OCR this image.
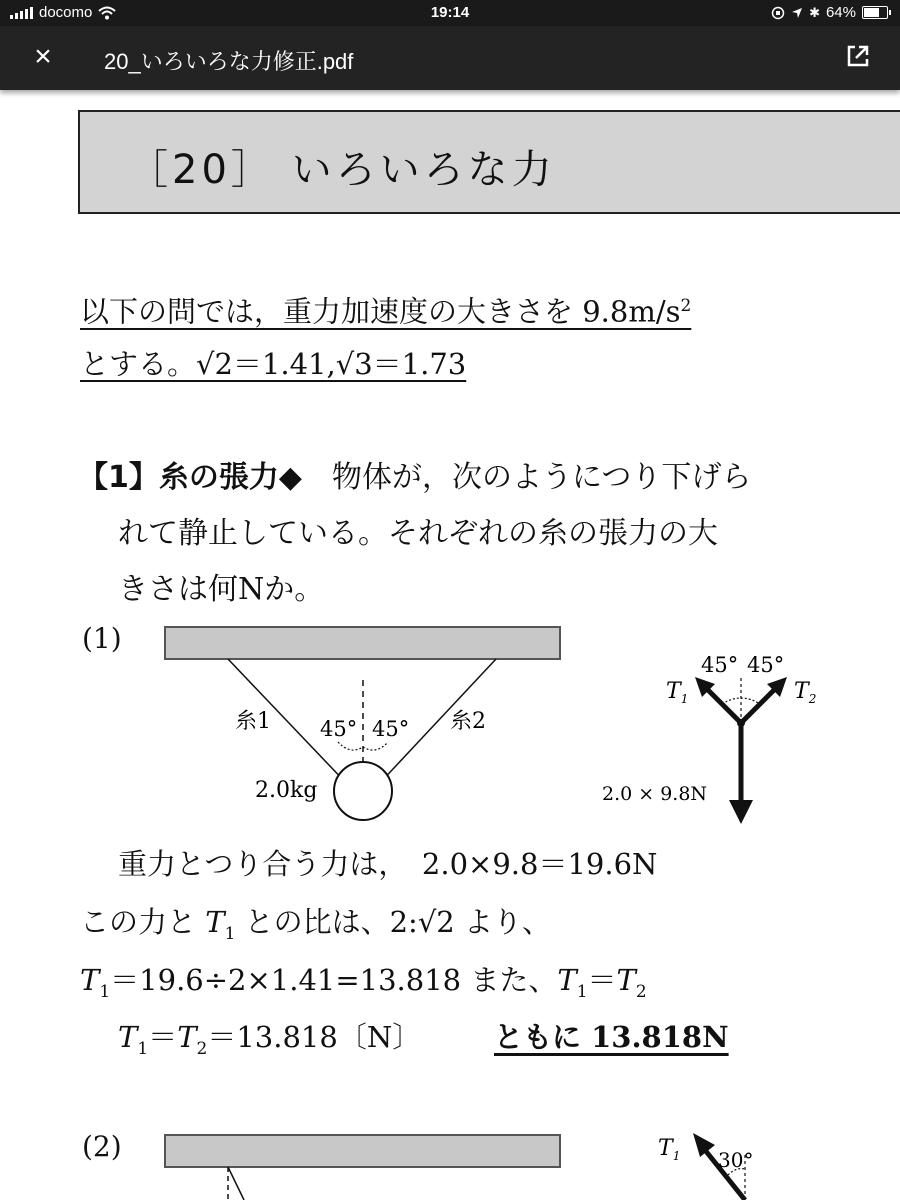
docomo	19:14	✱ 64%
× 20_いろいろな力修正.pdf
［20］ いろいろな力
以下の問では，重力加速度の大きさを $9.8m/s^2$
とする。√2＝1.41,√3＝1.73
【1】糸の張力◆　 物体が，次のようにつり下げら
れて静止している。それぞれの糸の張力の大
きさは何Nか。
(1)
糸1	糸2
45° 45°
2.0kg
45° 45°
$T_1$	$T_2$
2.0 × 9.8N
重力とつり合う力は，　2.0×9.8＝19.6N
この力と $T_1$ との比は、2:√2 より、
$T_1=19.6\div 2\times 1.41=13.818$ また、$T_1=T_2$
$T_1=T_2=13.818$〔N〕	ともに 13.818N
(2)	$T_1$ 30°
